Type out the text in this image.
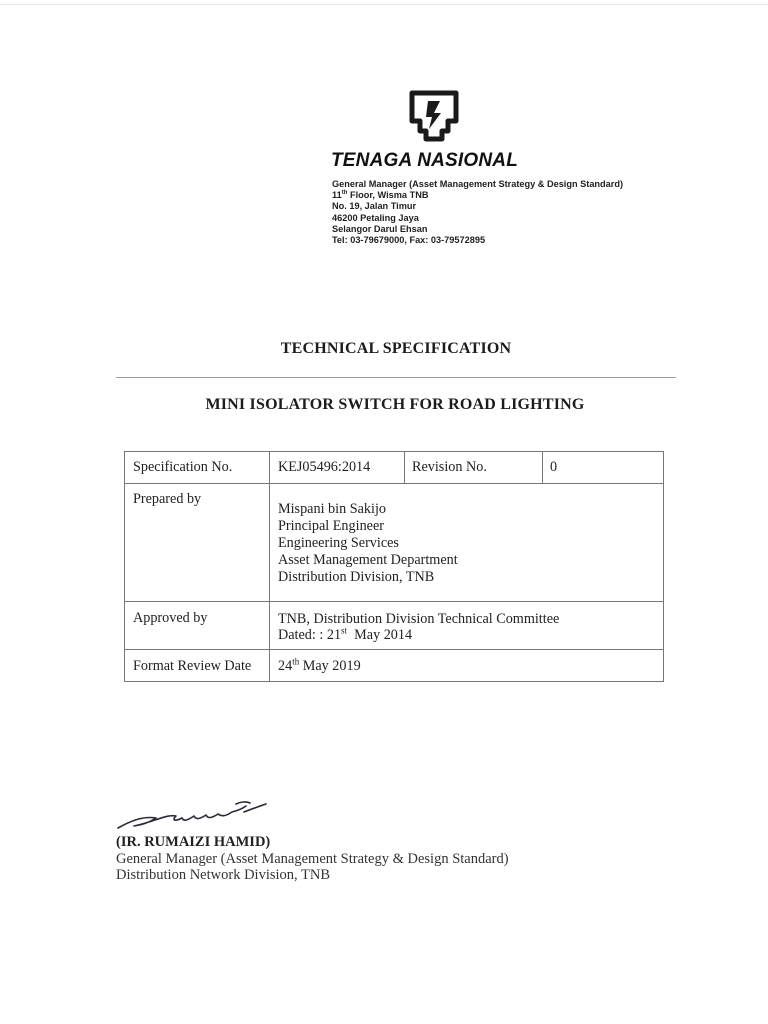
TENAGA NASIONAL
General Manager (Asset Management Strategy & Design Standard)
11th Floor, Wisma TNB
No. 19, Jalan Timur
46200 Petaling Jaya
Selangor Darul Ehsan
Tel: 03-79679000, Fax: 03-79572895
TECHNICAL SPECIFICATION
MINI ISOLATOR SWITCH FOR ROAD LIGHTING
Specification No.	KEJ05496:2014	Revision No.	0
Prepared by
Mispani bin Sakijo
Principal Engineer
Engineering Services
Asset Management Department
Distribution Division, TNB
Approved by	TNB, Distribution Division Technical Committee
Dated: : 21st May 2014
Format Review Date 24th May 2019
(IR. RUMAIZI HAMID)
General Manager (Asset Management Strategy & Design Standard)
Distribution Network Division, TNB
